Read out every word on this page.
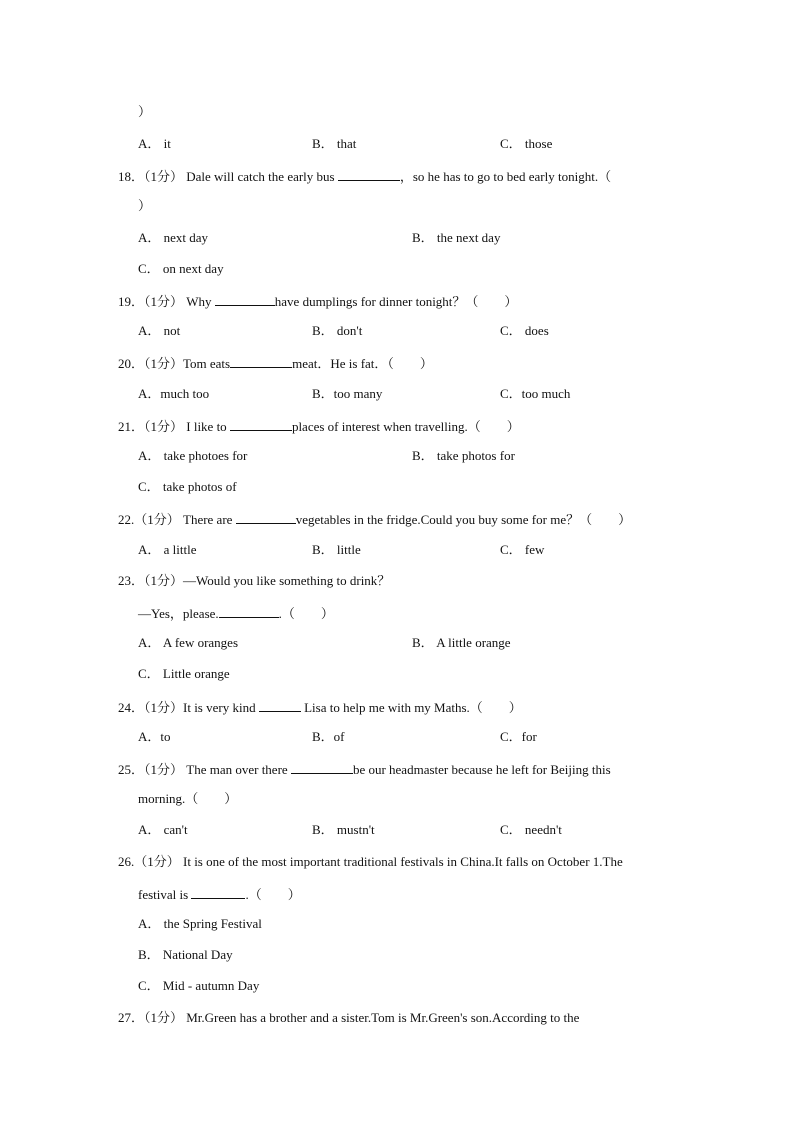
）
A． it	B． that	C． those
18．（1分） Dale will catch the early bus	，so he has to go to bed early tonight.（
）
A． next day	B． the next day
C． on next day
19．（1分） Why	have dumplings for dinner tonight？（　　）
A． not	B． don't	C． does
20．（1分）Tom eats	meat．He is fat．（　　）
A．much too	B．too many	C．too much
21．（1分） I like to	places of interest when travelling.（　　）
A． take photoes for	B． take photos for
C． take photos of
22.（1分） There are	vegetables in the fridge.Could you buy some for me？（　　）
A． a little	B． little	C． few
23．（1分）—Would you like something to drink？
—Yes，please.	.（　　）
A． A few oranges	B． A little orange
C． Little orange
24．（1分）It is very kind	Lisa to help me with my Maths.（　　）
A．to	B．of	C．for
25．（1分） The man over there	be our headmaster because he left for Beijing this
morning.（　　）
A． can't	B． mustn't	C． needn't
26.（1分） It is one of the most important traditional festivals in China.It falls on October 1.The
festival is	.（　　）
A． the Spring Festival
B． National Day
C． Mid - autumn Day
27．（1分） Mr.Green has a brother and a sister.Tom is Mr.Green's son.According to the
